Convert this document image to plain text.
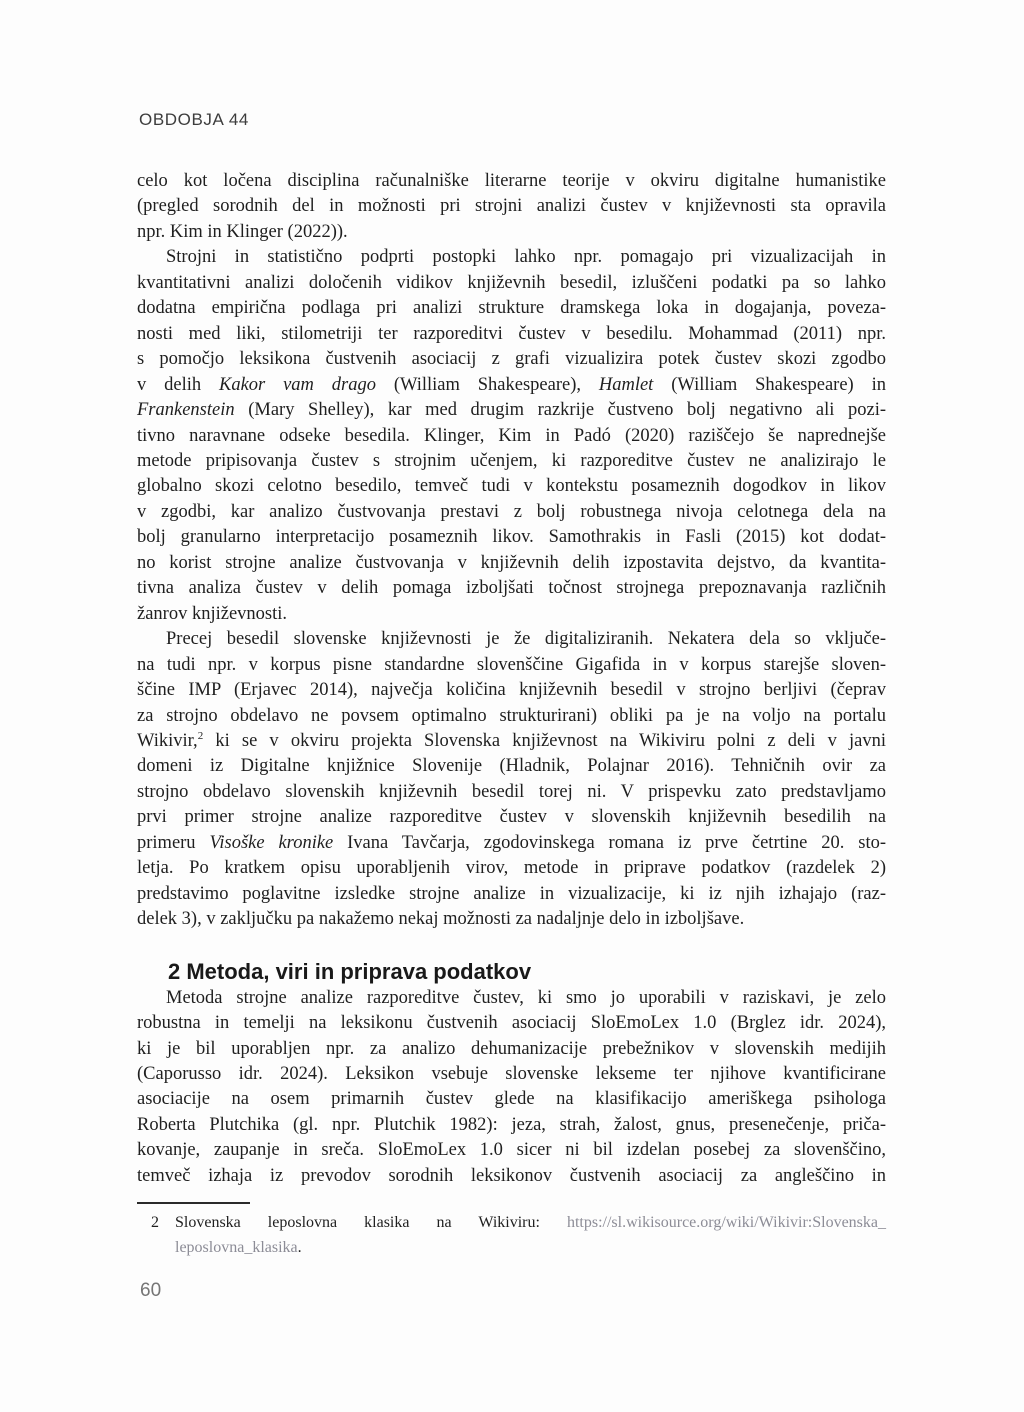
OBDOBJA 44
celo kot ločena disciplina računalniške literarne teorije v okviru digitalne humanistike
(pregled sorodnih del in možnosti pri strojni analizi čustev v književnosti sta opravila
npr. Kim in Klinger (2022)).
Strojni in statistično podprti postopki lahko npr. pomagajo pri vizualizacijah in
kvantitativni analizi določenih vidikov književnih besedil, izluščeni podatki pa so lahko
dodatna empirična podlaga pri analizi strukture dramskega loka in dogajanja, poveza-
nosti med liki, stilometriji ter razporeditvi čustev v besedilu. Mohammad (2011) npr.
s pomočjo leksikona čustvenih asociacij z grafi vizualizira potek čustev skozi zgodbo
v delih Kakor vam drago (William Shakespeare), Hamlet (William Shakespeare) in
Frankenstein (Mary Shelley), kar med drugim razkrije čustveno bolj negativno ali pozi-
tivno naravnane odseke besedila. Klinger, Kim in Padó (2020) raziščejo še naprednejše
metode pripisovanja čustev s strojnim učenjem, ki razporeditve čustev ne analizirajo le
globalno skozi celotno besedilo, temveč tudi v kontekstu posameznih dogodkov in likov
v zgodbi, kar analizo čustvovanja prestavi z bolj robustnega nivoja celotnega dela na
bolj granularno interpretacijo posameznih likov. Samothrakis in Fasli (2015) kot dodat-
no korist strojne analize čustvovanja v književnih delih izpostavita dejstvo, da kvantita-
tivna analiza čustev v delih pomaga izboljšati točnost strojnega prepoznavanja različnih
žanrov književnosti.
Precej besedil slovenske književnosti je že digitaliziranih. Nekatera dela so vključe-
na tudi npr. v korpus pisne standardne slovenščine Gigafida in v korpus starejše sloven-
ščine IMP (Erjavec 2014), največja količina književnih besedil v strojno berljivi (čeprav
za strojno obdelavo ne povsem optimalno strukturirani) obliki pa je na voljo na portalu
Wikivir,$^2$ ki se v okviru projekta Slovenska književnost na Wikiviru polni z deli v javni
domeni iz Digitalne knjižnice Slovenije (Hladnik, Polajnar 2016). Tehničnih ovir za
strojno obdelavo slovenskih književnih besedil torej ni. V prispevku zato predstavljamo
prvi primer strojne analize razporeditve čustev v slovenskih književnih besedilih na
primeru Visoške kronike Ivana Tavčarja, zgodovinskega romana iz prve četrtine 20. sto-
letja. Po kratkem opisu uporabljenih virov, metode in priprave podatkov (razdelek 2)
predstavimo poglavitne izsledke strojne analize in vizualizacije, ki iz njih izhajajo (raz-
delek 3), v zaključku pa nakažemo nekaj možnosti za nadaljnje delo in izboljšave.
2 Metoda, viri in priprava podatkov
Metoda strojne analize razporeditve čustev, ki smo jo uporabili v raziskavi, je zelo
robustna in temelji na leksikonu čustvenih asociacij SloEmoLex 1.0 (Brglez idr. 2024),
ki je bil uporabljen npr. za analizo dehumanizacije prebežnikov v slovenskih medijih
(Caporusso idr. 2024). Leksikon vsebuje slovenske lekseme ter njihove kvantificirane
asociacije na osem primarnih čustev glede na klasifikacijo ameriškega psihologa
Roberta Plutchika (gl. npr. Plutchik 1982): jeza, strah, žalost, gnus, presenečenje, priča-
kovanje, zaupanje in sreča. SloEmoLex 1.0 sicer ni bil izdelan posebej za slovenščino,
temveč izhaja iz prevodov sorodnih leksikonov čustvenih asociacij za angleščino in
2 Slovenska leposlovna klasika na Wikiviru: https://sl.wikisource.org/wiki/Wikivir:Slovenska_
leposlovna_klasika.
60
